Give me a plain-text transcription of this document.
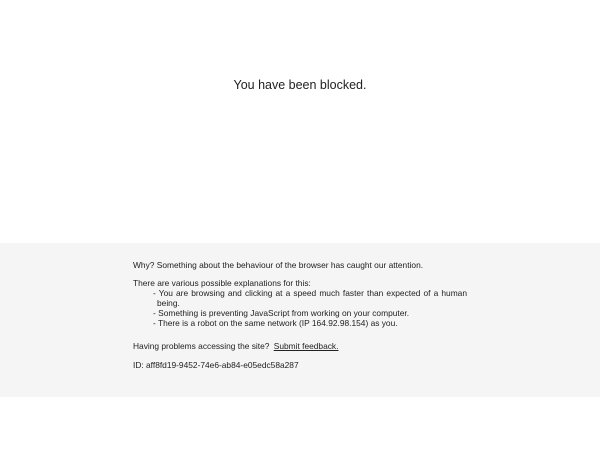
You have been blocked.

Why? Something about the behaviour of the browser has caught our attention.

There are various possible explanations for this:

- You are browsing and clicking at a speed much faster than expected of a human being.
- Something is preventing JavaScript from working on your computer.
- There is a robot on the same network (IP 164.92.98.154) as you.

Having problems accessing the site? Submit feedback.

ID: aff8fd19-9452-74e6-ab84-e05edc58a287
